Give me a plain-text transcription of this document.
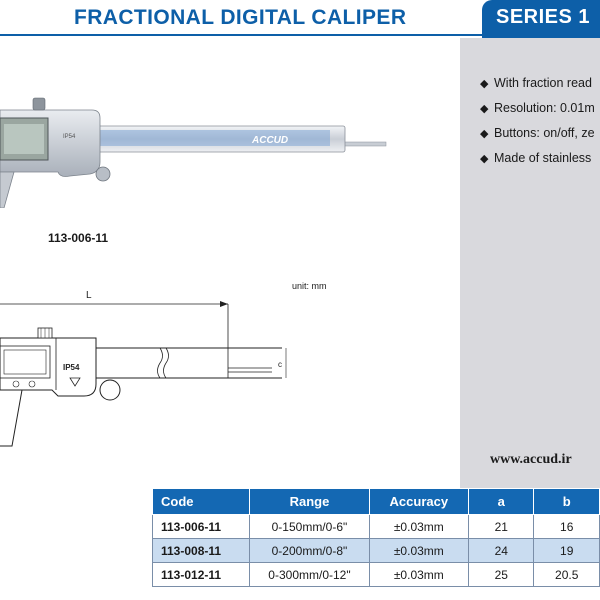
FRACTIONAL DIGITAL CALIPER	SERIES 1
◆ With fraction read
◆ Resolution: 0.01m
◆ Buttons: on/off, ze
◆ Made of stainless
www.accud.ir
ACCUD
IP54
113-006-11
unit: mm
L
c
IP54
Code	Range	Accuracy	a	b
113-006-11	0-150mm/0-6"	±0.03mm	21	16
113-008-11	0-200mm/0-8"	±0.03mm	24	19
113-012-11	0-300mm/0-12"	±0.03mm	25	20.5
